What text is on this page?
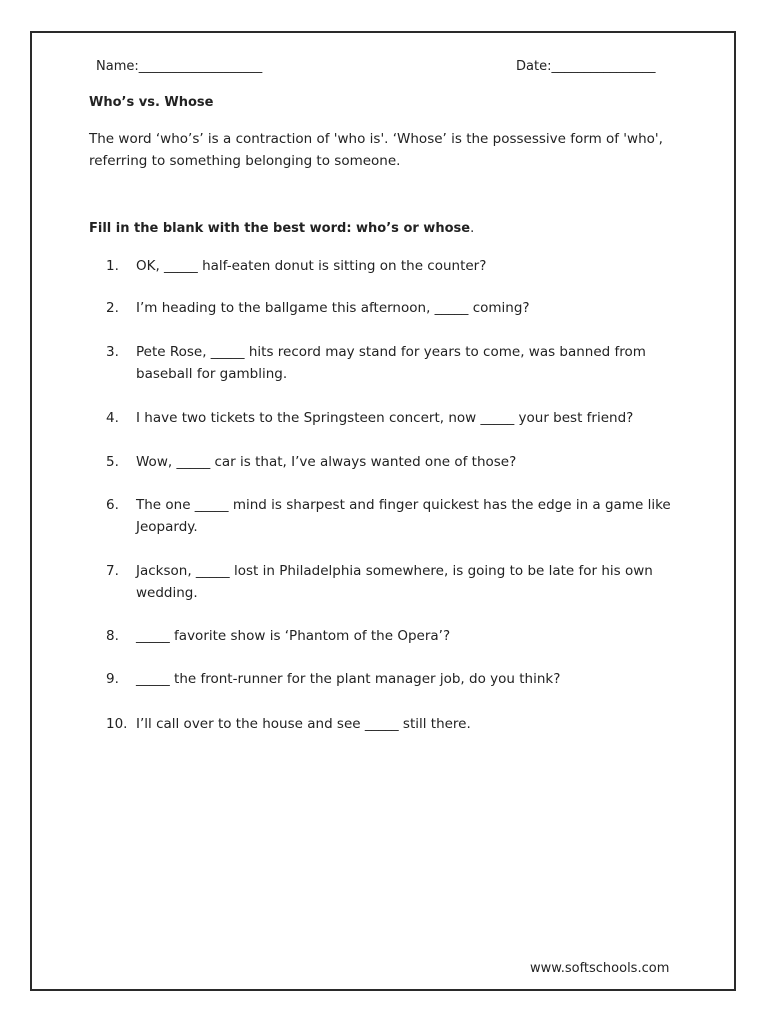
Name:___________________	Date:________________
Who’s vs. Whose
The word ‘who’s’ is a contraction of 'who is'. ‘Whose’ is the possessive form of 'who', referring to something belonging to someone.
Fill in the blank with the best word: who’s or whose.
1.	OK, _____ half-eaten donut is sitting on the counter?
2.	I’m heading to the ballgame this afternoon, _____ coming?
3.	Pete Rose, _____ hits record may stand for years to come, was banned from baseball for gambling.
4.	I have two tickets to the Springsteen concert, now _____ your best friend?
5.	Wow, _____ car is that, I’ve always wanted one of those?
6.	The one _____ mind is sharpest and finger quickest has the edge in a game like Jeopardy.
7.	Jackson, _____ lost in Philadelphia somewhere, is going to be late for his own wedding.
8.	_____ favorite show is ‘Phantom of the Opera’?
9.	_____ the front-runner for the plant manager job, do you think?
10. I’ll call over to the house and see _____ still there.
www.softschools.com
